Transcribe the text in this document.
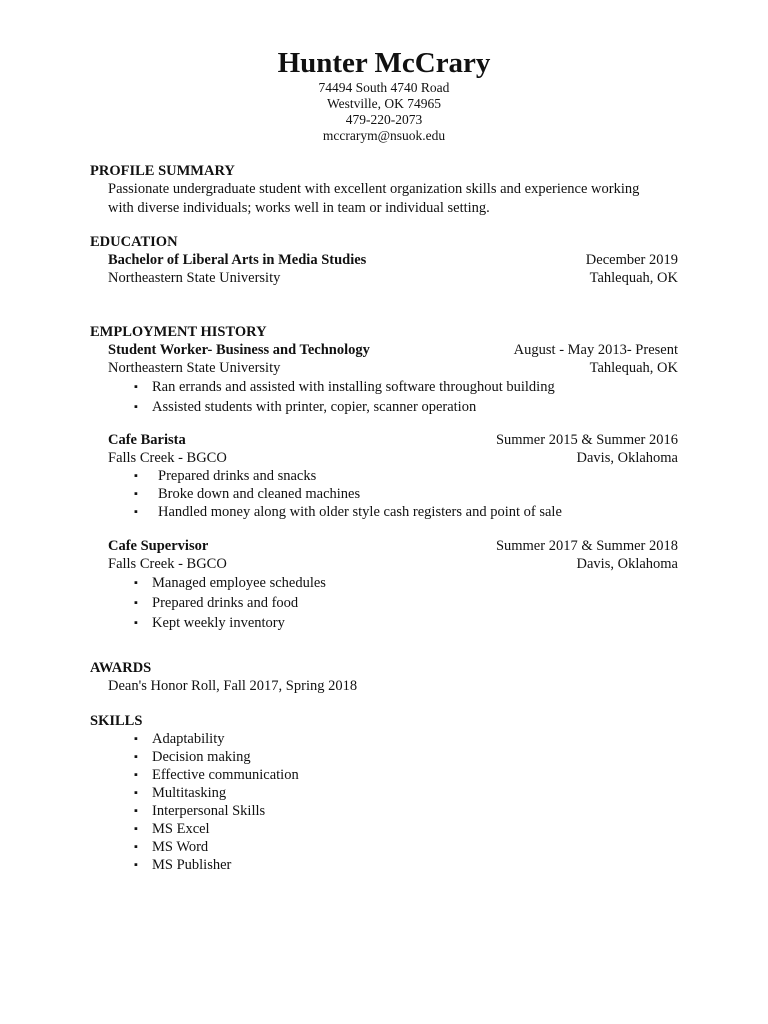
Hunter McCrary
74494 South 4740 Road
Westville, OK 74965
479-220-2073
mccrarym@nsuok.edu
PROFILE SUMMARY
Passionate undergraduate student with excellent organization skills and experience working
with diverse individuals; works well in team or individual setting.
EDUCATION
Bachelor of Liberal Arts in Media Studies	December 2019
Northeastern State University	Tahlequah, OK
EMPLOYMENT HISTORY
Student Worker- Business and Technology	August - May 2013- Present
Northeastern State University	Tahlequah, OK
▪ Ran errands and assisted with installing software throughout building
▪ Assisted students with printer, copier, scanner operation
Cafe Barista	Summer 2015 & Summer 2016
Falls Creek - BGCO	Davis, Oklahoma
▪ Prepared drinks and snacks
▪ Broke down and cleaned machines
▪ Handled money along with older style cash registers and point of sale
Cafe Supervisor	Summer 2017 & Summer 2018
Falls Creek - BGCO	Davis, Oklahoma
▪ Managed employee schedules
▪ Prepared drinks and food
▪ Kept weekly inventory
AWARDS
Dean's Honor Roll, Fall 2017, Spring 2018
SKILLS
▪ Adaptability
▪ Decision making
▪ Effective communication
▪ Multitasking
▪ Interpersonal Skills
▪ MS Excel
▪ MS Word
▪ MS Publisher
